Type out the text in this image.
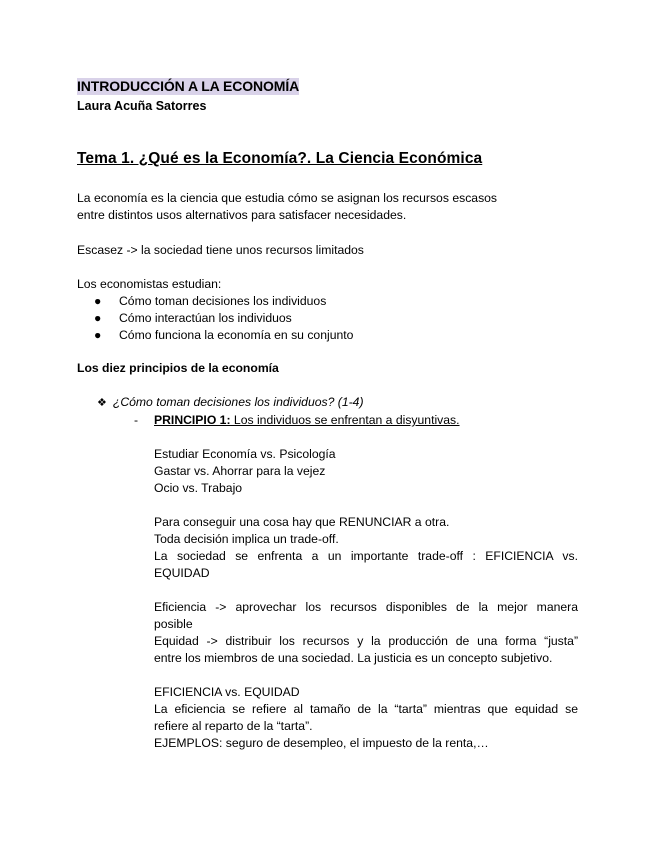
INTRODUCCIÓN A LA ECONOMÍA
Laura Acuña Satorres
Tema 1. ¿Qué es la Economía?. La Ciencia Económica
La economía es la ciencia que estudia cómo se asignan los recursos escasos
entre distintos usos alternativos para satisfacer necesidades.
Escasez -> la sociedad tiene unos recursos limitados
Los economistas estudian:
● Cómo toman decisiones los individuos
● Cómo interactúan los individuos
● Cómo funciona la economía en su conjunto
Los diez principios de la economía
❖ ¿Cómo toman decisiones los individuos? (1-4)
- PRINCIPIO 1: Los individuos se enfrentan a disyuntivas.
Estudiar Economía vs. Psicología
Gastar vs. Ahorrar para la vejez
Ocio vs. Trabajo
Para conseguir una cosa hay que RENUNCIAR a otra.
Toda decisión implica un trade-off.
La sociedad se enfrenta a un importante trade-off : EFICIENCIA vs.
EQUIDAD
Eficiencia -> aprovechar los recursos disponibles de la mejor manera
posible
Equidad -> distribuir los recursos y la producción de una forma “justa”
entre los miembros de una sociedad. La justicia es un concepto subjetivo.
EFICIENCIA vs. EQUIDAD
La eficiencia se refiere al tamaño de la “tarta” mientras que equidad se
refiere al reparto de la “tarta”.
EJEMPLOS: seguro de desempleo, el impuesto de la renta,…
